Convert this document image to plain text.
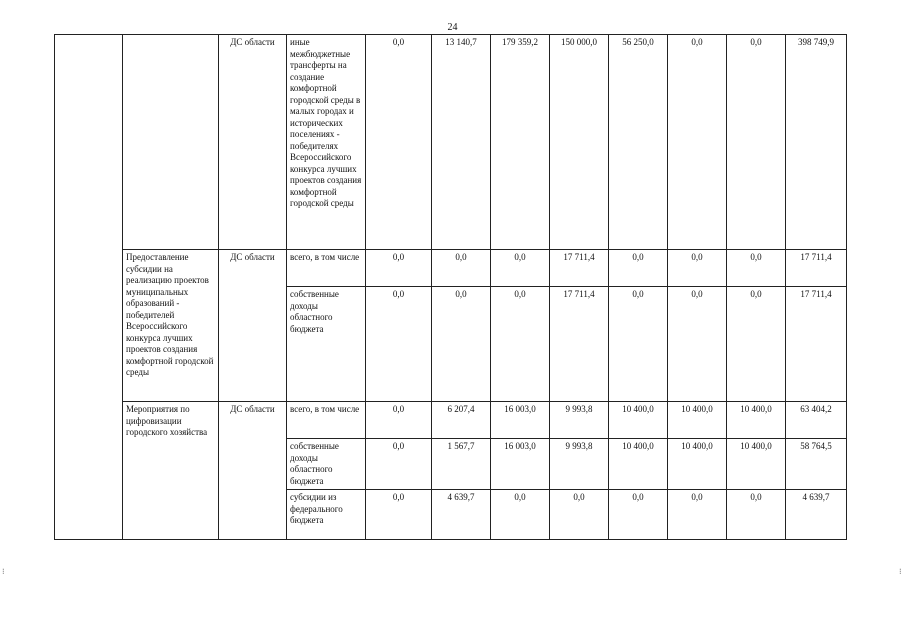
24
		ДС области	иные межбюджетные трансферты на создание комфортной городской среды в малых городах и исторических поселениях - победителях Всероссийского конкурса лучших проектов создания комфортной городской среды	0,0	13 140,7	179 359,2	150 000,0	56 250,0	0,0	0,0	398 749,9
	Предоставление субсидии на реализацию проектов муниципальных образований - победителей Всероссийского конкурса лучших проектов создания комфортной городской среды	ДС области	всего, в том числе	0,0	0,0	0,0	17 711,4	0,0	0,0	0,0	17 711,4
			собственные доходы областного бюджета	0,0	0,0	0,0	17 711,4	0,0	0,0	0,0	17 711,4
	Мероприятия по цифровизации городского хозяйства	ДС области	всего, в том числе	0,0	6 207,4	16 003,0	9 993,8	10 400,0	10 400,0	10 400,0	63 404,2
			собственные доходы областного бюджета	0,0	1 567,7	16 003,0	9 993,8	10 400,0	10 400,0	10 400,0	58 764,5
			субсидии из федерального бюджета	0,0	4 639,7	0,0	0,0	0,0	0,0	0,0	4 639,7
⁝	⁝
